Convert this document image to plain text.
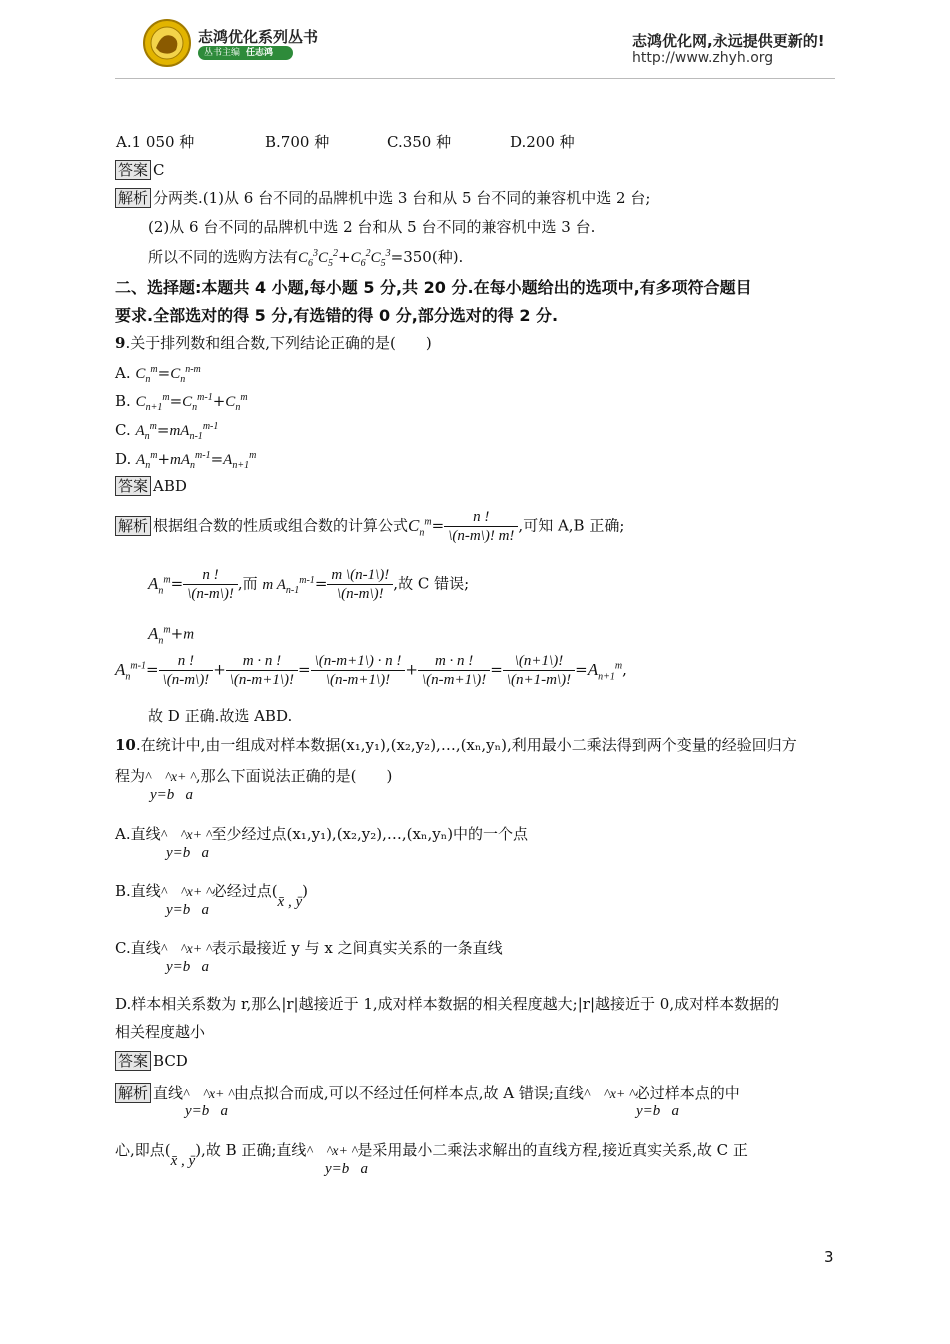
志鸿优化系列丛书
丛书主编 任志鸿
志鸿优化网,永远提供更新的!
http://www.zhyh.org
A.1 050 种	B.700 种	C.350 种	D.200 种
答案 C
解析 分两类.(1)从 6 台不同的品牌机中选 3 台和从 5 台不同的兼容机中选 2 台;
(2)从 6 台不同的品牌机中选 2 台和从 5 台不同的兼容机中选 3 台.
所以不同的选购方法有$C_6^3C_5^2+C_6^2C_5^3=350$(种).
二、选择题:本题共 4 小题,每小题 5 分,共 20 分.在每小题给出的选项中,有多项符合题目
要求.全部选对的得 5 分,有选错的得 0 分,部分选对的得 2 分.
9.关于排列数和组合数,下列结论正确的是(　　)
A. $C_n^m=C_n^{n-m}$
B. $C_{n+1}^m=C_n^{m-1}+C_n^m$
C. $A_n^m=mA_{n-1}^{m-1}$
D. $A_n^m+mA_n^{m-1}=A_{n+1}^m$
答案 ABD
解析 根据组合数的性质或组合数的计算公式$C_n^m= \frac{n !}{\backslash(n-m\backslash)! m!}$ ,可知 A,B 正确;
$A_n^m= \frac{n !}{\backslash(n-m\backslash)!}$ ,而 m $A_{n-1}^{m-1}= \frac{m \backslash(n-1\backslash)!}{\backslash(n-m\backslash)!}$ ,故 C 错误;
$A_n^m+m$
$A_n^{m-1}= \frac{n !}{\backslash(n-m\backslash)!} + \frac{m \cdot n !}{\backslash(n-m+1\backslash)!} = \frac{\backslash(n-m+1\backslash) \cdot n !}{\backslash(n-m+1\backslash)!} + \frac{m \cdot n !}{\backslash(n-m+1\backslash)!} = \frac{\backslash(n+1\backslash)!}{\backslash(n+1-m\backslash)!} =A_{n+1}^m$,
故 D 正确.故选 ABD.
10.在统计中,由一组成对样本数据(x₁,y₁),(x₂,y₂),…,(xₙ,yₙ),利用最小二乘法得到两个变量的经验回归方
程为^    ^x+ ^,那么下面说法正确的是(　　)
y=b   a
A.直线^    ^x+ ^至少经过点(x₁,y₁),(x₂,y₂),…,(xₙ,yₙ)中的一个点
y=b   a
B.直线^    ^x+ ^必经过点(x̄ , ȳ)
y=b   a
C.直线^    ^x+ ^表示最接近 y 与 x 之间真实关系的一条直线
y=b   a
D.样本相关系数为 r,那么|r|越接近于 1,成对样本数据的相关程度越大;|r|越接近于 0,成对样本数据的
相关程度越小
答案 BCD
解析 直线^    ^x+ ^由点拟合而成,可以不经过任何样本点,故 A 错误;直线^    ^x+ ^必过样本点的中
y=b   a	y=b   a
心,即点(x̄ , ȳ),故 B 正确;直线^    ^x+ ^是采用最小二乘法求解出的直线方程,接近真实关系,故 C 正
y=b   a
3
